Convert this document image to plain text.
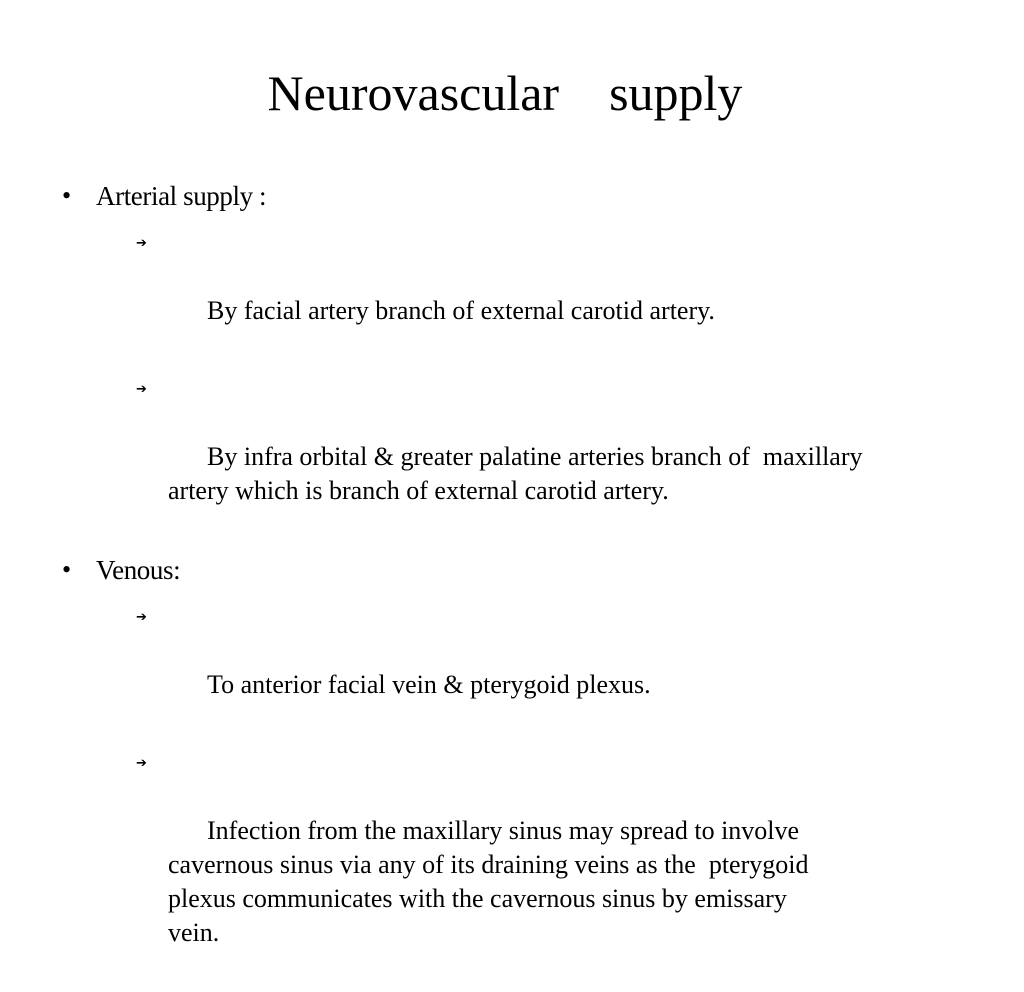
Neurovascular    supply
• Arterial supply :

➔

By facial artery branch of external carotid artery.

➔

By infra orbital & greater palatine arteries branch of  maxillary
artery which is branch of external carotid artery.

• Venous:

➔

To anterior facial vein & pterygoid plexus.

➔

Infection from the maxillary sinus may spread to involve
cavernous sinus via any of its draining veins as the  pterygoid
plexus communicates with the cavernous sinus by emissary
vein.
